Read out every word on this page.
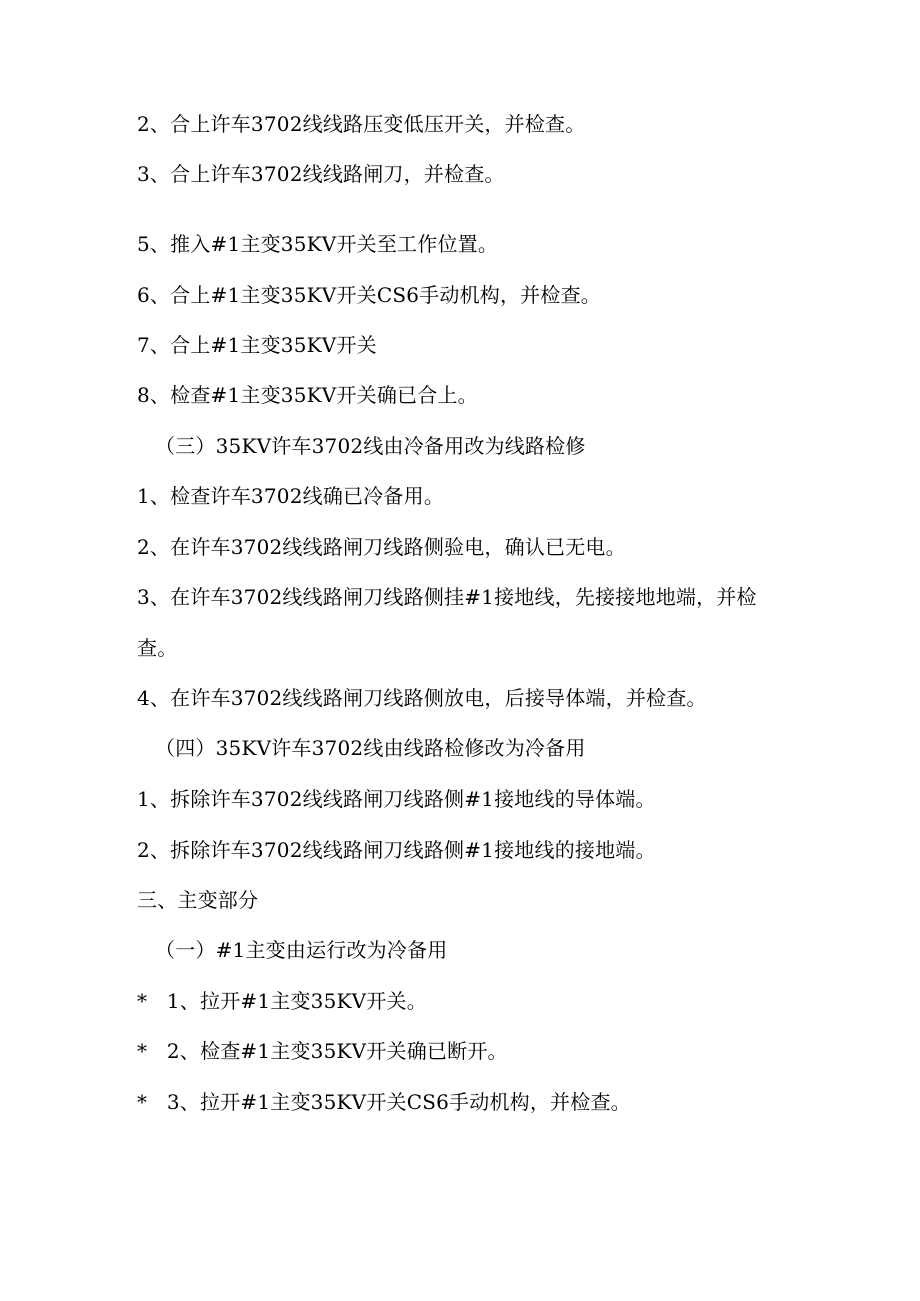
2、合上许车3702线线路压变低压开关，并检查。
3、合上许车3702线线路闸刀，并检查。
5、推入#1主变35KV开关至工作位置。
6、合上#1主变35KV开关CS6手动机构，并检查。
7、合上#1主变35KV开关
8、检查#1主变35KV开关确已合上。
（三）35KV许车3702线由冷备用改为线路检修
1、检查许车3702线确已冷备用。
2、在许车3702线线路闸刀线路侧验电，确认已无电。
3、在许车3702线线路闸刀线路侧挂#1接地线，先接接地地端，并检
查。
4、在许车3702线线路闸刀线路侧放电，后接导体端，并检查。
（四）35KV许车3702线由线路检修改为冷备用
1、拆除许车3702线线路闸刀线路侧#1接地线的导体端。
2、拆除许车3702线线路闸刀线路侧#1接地线的接地端。
三、主变部分
（一）#1主变由运行改为冷备用
*   1、拉开#1主变35KV开关。
*   2、检查#1主变35KV开关确已断开。
*   3、拉开#1主变35KV开关CS6手动机构，并检查。
